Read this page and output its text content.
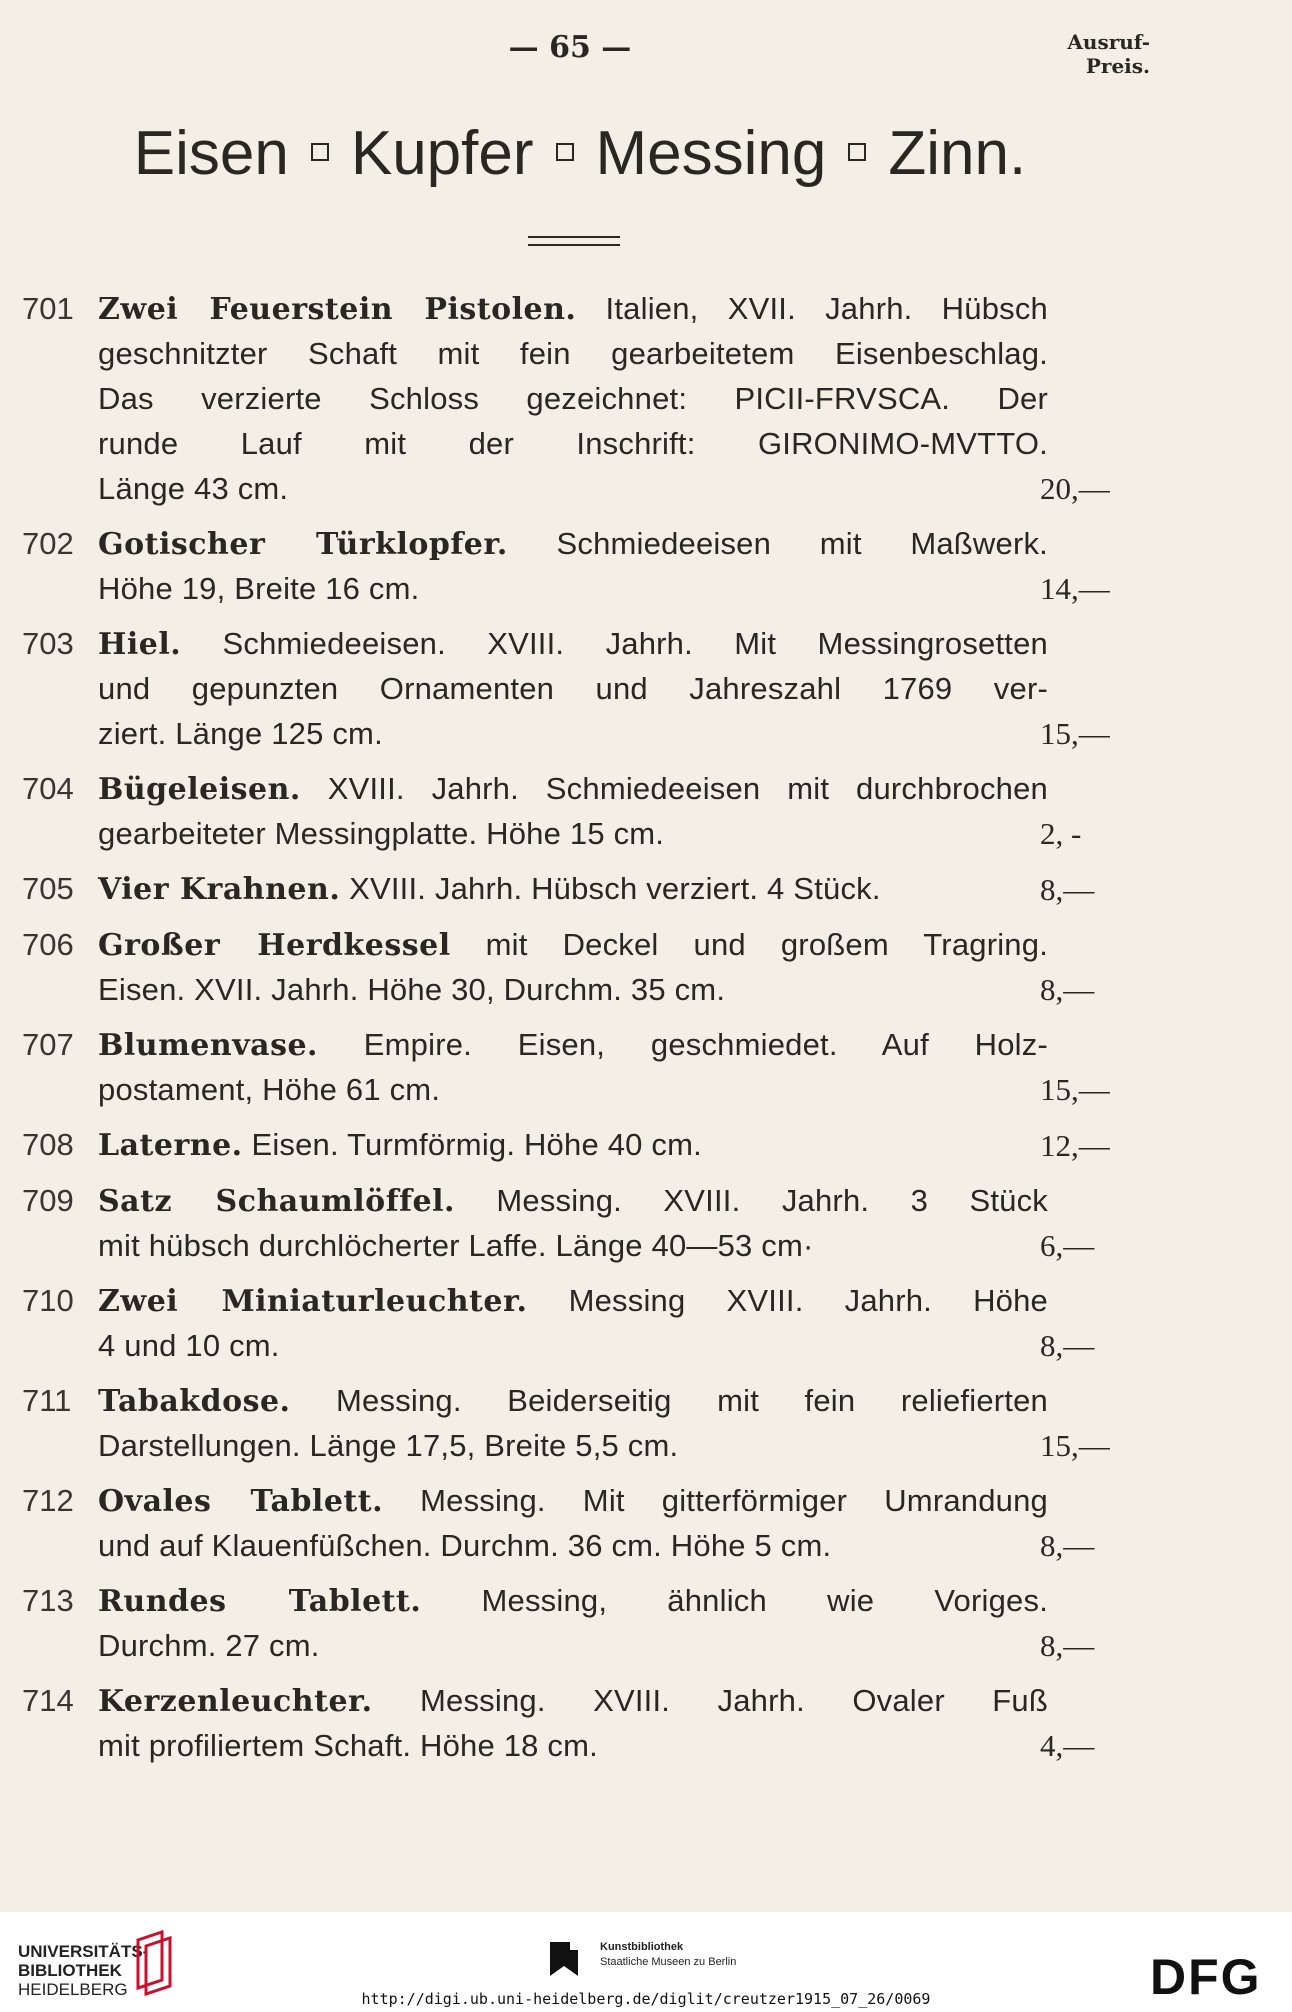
— 65 —	Ausruf-
Preis.
Eisen Kupfer Messing Zinn.
701 Zwei Feuerstein Pistolen. Italien, XVII. Jahrh. Hübsch
geschnitzter Schaft mit fein gearbeitetem Eisenbeschlag.
Das verzierte Schloss gezeichnet: PICII-FRVSCA. Der
runde Lauf mit der Inschrift: GIRONIMO-MVTTO.
Länge 43 cm.	20,—
702 Gotischer Türklopfer. Schmiedeeisen mit Maßwerk.
Höhe 19, Breite 16 cm.	14,—
703 Hiel. Schmiedeeisen. XVIII. Jahrh. Mit Messingrosetten
und gepunzten Ornamenten und Jahreszahl 1769 ver-
ziert. Länge 125 cm.	15,—
704 Bügeleisen. XVIII. Jahrh. Schmiedeeisen mit durchbrochen
gearbeiteter Messingplatte. Höhe 15 cm.	2, -
705 Vier Krahnen. XVIII. Jahrh. Hübsch verziert. 4 Stück.	8,—
706 Großer Herdkessel mit Deckel und großem Tragring.
Eisen. XVII. Jahrh. Höhe 30, Durchm. 35 cm.	8,—
707 Blumenvase. Empire. Eisen, geschmiedet. Auf Holz-
postament, Höhe 61 cm.	15,—
708 Laterne. Eisen. Turmförmig. Höhe 40 cm.	12,—
709 Satz Schaumlöffel. Messing. XVIII. Jahrh. 3 Stück
mit hübsch durchlöcherter Laffe. Länge 40—53 cm·	6,—
710 Zwei Miniaturleuchter. Messing XVIII. Jahrh. Höhe
4 und 10 cm.	8,—
711 Tabakdose. Messing. Beiderseitig mit fein reliefierten
Darstellungen. Länge 17,5, Breite 5,5 cm.	15,—
712 Ovales Tablett. Messing. Mit gitterförmiger Umrandung
und auf Klauenfüßchen. Durchm. 36 cm. Höhe 5 cm.	8,—
713 Rundes Tablett. Messing, ähnlich wie Voriges.
Durchm. 27 cm.	8,—
714 Kerzenleuchter. Messing. XVIII. Jahrh. Ovaler Fuß
mit profiliertem Schaft. Höhe 18 cm.	4,—
UNIVERSITÄTS-
BIBLIOTHEK
HEIDELBERG
Kunstbibliothek
Staatliche Museen zu Berlin	DFG
http://digi.ub.uni-heidelberg.de/diglit/creutzer1915_07_26/0069
